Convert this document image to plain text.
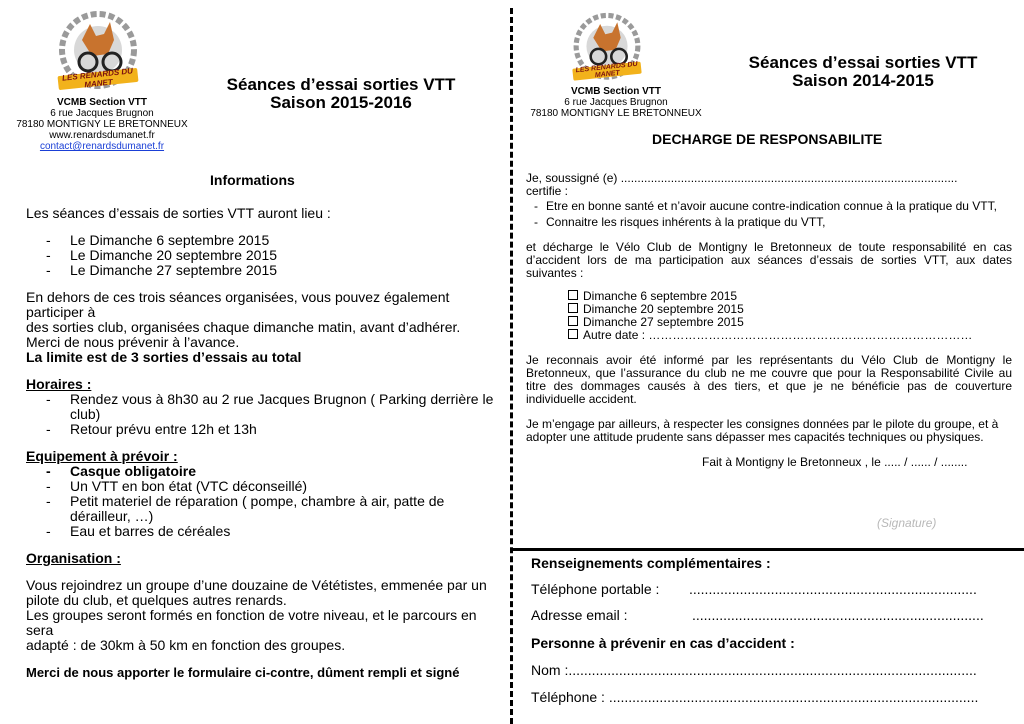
LES RENARDS DU MANET
VCMB Section VTT
6 rue Jacques Brugnon
78180 MONTIGNY LE BRETONNEUX
www.renardsdumanet.fr
contact@renardsdumanet.fr
Séances d’essai sorties VTT
Saison 2015-2016
Informations
Les séances d’essais de sorties VTT auront lieu :
- Le Dimanche 6 septembre 2015
- Le Dimanche 20 septembre 2015
- Le Dimanche 27 septembre 2015
En dehors de ces trois séances organisées, vous pouvez également participer à
des sorties club, organisées chaque dimanche matin, avant d’adhérer.
Merci de nous prévenir à l’avance.
La limite est de 3 sorties d’essais au total
Horaires :
- Rendez vous à 8h30 au 2 rue Jacques Brugnon ( Parking derrière le club)
- Retour prévu entre 12h et 13h
Equipement à prévoir :
- Casque obligatoire
- Un VTT en bon état (VTC déconseillé)
- Petit materiel de réparation ( pompe, chambre à air, patte de dérailleur, …)
- Eau et barres de céréales
Organisation :
Vous rejoindrez un groupe d’une douzaine de Vététistes, emmenée par un
pilote du club, et quelques autres renards.
Les groupes seront formés en fonction de votre niveau, et le parcours en sera
adapté : de 30km à 50 km en fonction des groupes.
Merci de nous apporter le formulaire ci-contre, dûment rempli et signé
LES RENARDS DU MANET
VCMB Section VTT
6 rue Jacques Brugnon
78180 MONTIGNY LE BRETONNEUX
Séances d’essai sorties VTT
Saison 2014-2015
DECHARGE DE RESPONSABILITE
Je, soussigné (e) .....................................................................................................
certifie :
- Etre en bonne santé et n’avoir aucune contre-indication connue à la pratique du VTT,
- Connaitre les risques inhérents à la pratique du VTT,
et décharge le Vélo Club de Montigny le Bretonneux de toute responsabilité en cas
d’accident lors de ma participation aux séances d’essais de sorties VTT, aux dates
suivantes :
Dimanche 6 septembre 2015
Dimanche 20 septembre 2015
Dimanche 27 septembre 2015
Autre date : ………………………………………………………………………
Je reconnais avoir été informé par les représentants du Vélo Club de Montigny le
Bretonneux, que l’assurance du club ne me couvre que pour la Responsabilité Civile au
titre des dommages causés à des tiers, et que je ne bénéficie pas de couverture
individuelle accident.
Je m’engage par ailleurs, à respecter les consignes données par le pilote du groupe, et à
adopter une attitude prudente sans dépasser mes capacités techniques ou physiques.
Fait à Montigny le Bretonneux , le ..... / ...... / ........
(Signature)
Renseignements complémentaires :
Téléphone portable : ..........................................................................
Adresse email :	...........................................................................
Personne à prévenir en cas d’accident :
Nom :.........................................................................................................
Téléphone : ...............................................................................................
